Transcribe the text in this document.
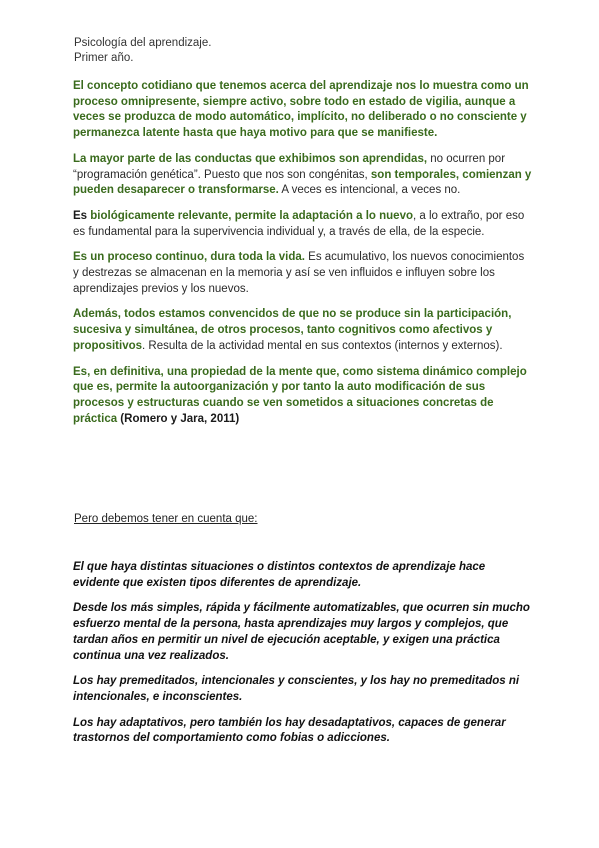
Psicología del aprendizaje.
Primer año.

El concepto cotidiano que tenemos acerca del aprendizaje nos lo muestra como un proceso omnipresente, siempre activo, sobre todo en estado de vigilia, aunque a veces se produzca de modo automático, implícito, no deliberado o no consciente y permanezca latente hasta que haya motivo para que se manifieste.

La mayor parte de las conductas que exhibimos son aprendidas, no ocurren por “programación genética”. Puesto que nos son congénitas, son temporales, comienzan y pueden desaparecer o transformarse. A veces es intencional, a veces no.

Es biológicamente relevante, permite la adaptación a lo nuevo, a lo extraño, por eso es fundamental para la supervivencia individual y, a través de ella, de la especie.

Es un proceso continuo, dura toda la vida. Es acumulativo, los nuevos conocimientos y destrezas se almacenan en la memoria y así se ven influidos e influyen sobre los aprendizajes previos y los nuevos.

Además, todos estamos convencidos de que no se produce sin la participación, sucesiva y simultánea, de otros procesos, tanto cognitivos como afectivos y propositivos. Resulta de la actividad mental en sus contextos (internos y externos).

Es, en definitiva, una propiedad de la mente que, como sistema dinámico complejo que es, permite la autoorganización y por tanto la auto modificación de sus procesos y estructuras cuando se ven sometidos a situaciones concretas de práctica (Romero y Jara, 2011)

Pero debemos tener en cuenta que:

El que haya distintas situaciones o distintos contextos de aprendizaje hace evidente que existen tipos diferentes de aprendizaje.

Desde los más simples, rápida y fácilmente automatizables, que ocurren sin mucho esfuerzo mental de la persona, hasta aprendizajes muy largos y complejos, que tardan años en permitir un nivel de ejecución aceptable, y exigen una práctica continua una vez realizados.

Los hay premeditados, intencionales y conscientes, y los hay no premeditados ni intencionales, e inconscientes.

Los hay adaptativos, pero también los hay desadaptativos, capaces de generar trastornos del comportamiento como fobias o adicciones.
